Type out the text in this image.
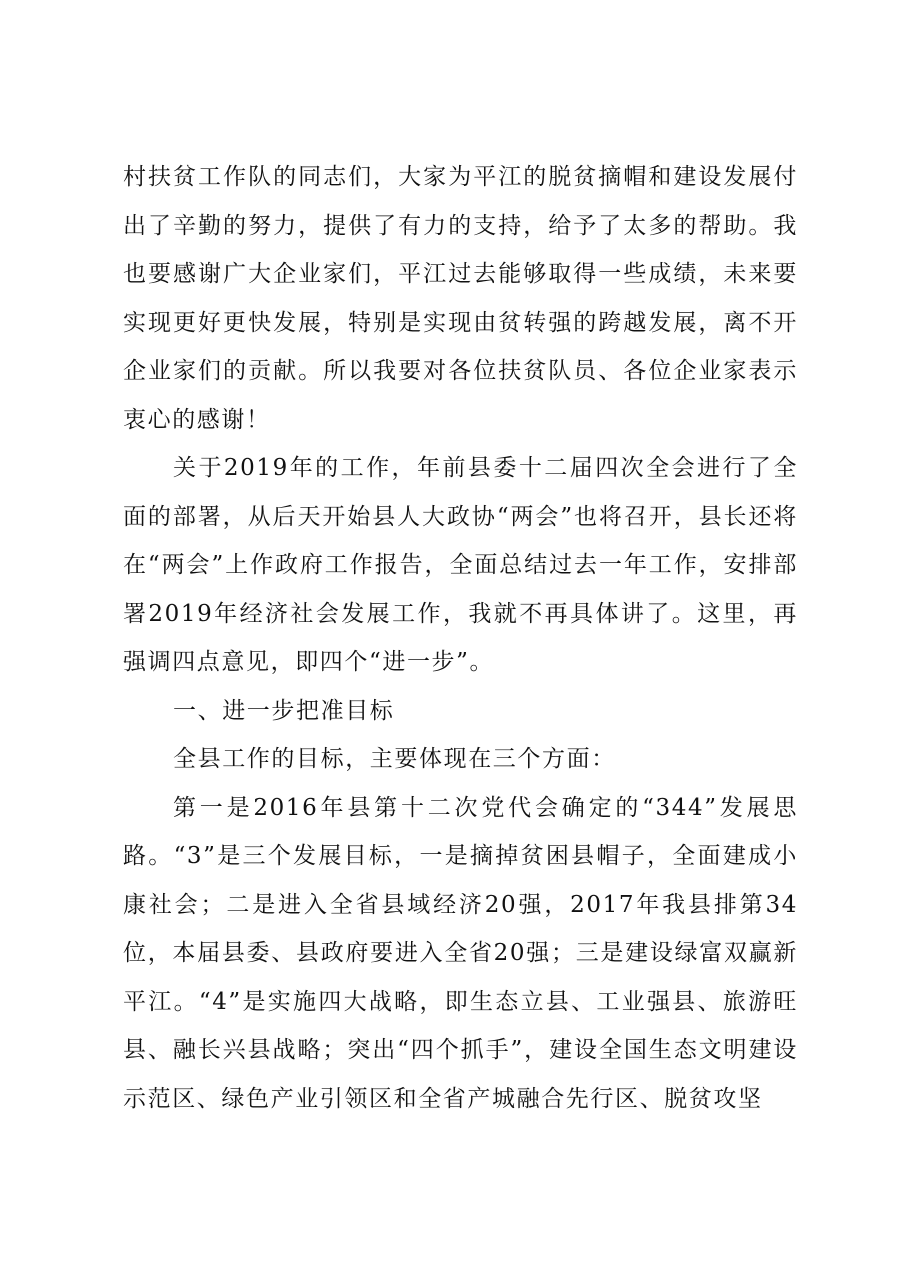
村扶贫工作队的同志们，大家为平江的脱贫摘帽和建设发展付出了辛勤的努力，提供了有力的支持，给予了太多的帮助。我也要感谢广大企业家们，平江过去能够取得一些成绩，未来要实现更好更快发展，特别是实现由贫转强的跨越发展，离不开企业家们的贡献。所以我要对各位扶贫队员、各位企业家表示衷心的感谢！

关于2019年的工作，年前县委十二届四次全会进行了全面的部署，从后天开始县人大政协“两会”也将召开，县长还将在“两会”上作政府工作报告，全面总结过去一年工作，安排部署2019年经济社会发展工作，我就不再具体讲了。这里，再强调四点意见，即四个“进一步”。

一、进一步把准目标

全县工作的目标，主要体现在三个方面：

第一是2016年县第十二次党代会确定的“344”发展思路。“3”是三个发展目标，一是摘掉贫困县帽子，全面建成小康社会；二是进入全省县域经济20强，2017年我县排第34位，本届县委、县政府要进入全省20强；三是建设绿富双赢新平江。“4”是实施四大战略，即生态立县、工业强县、旅游旺县、融长兴县战略；突出“四个抓手”，建设全国生态文明建设示范区、绿色产业引领区和全省产城融合先行区、脱贫攻坚
